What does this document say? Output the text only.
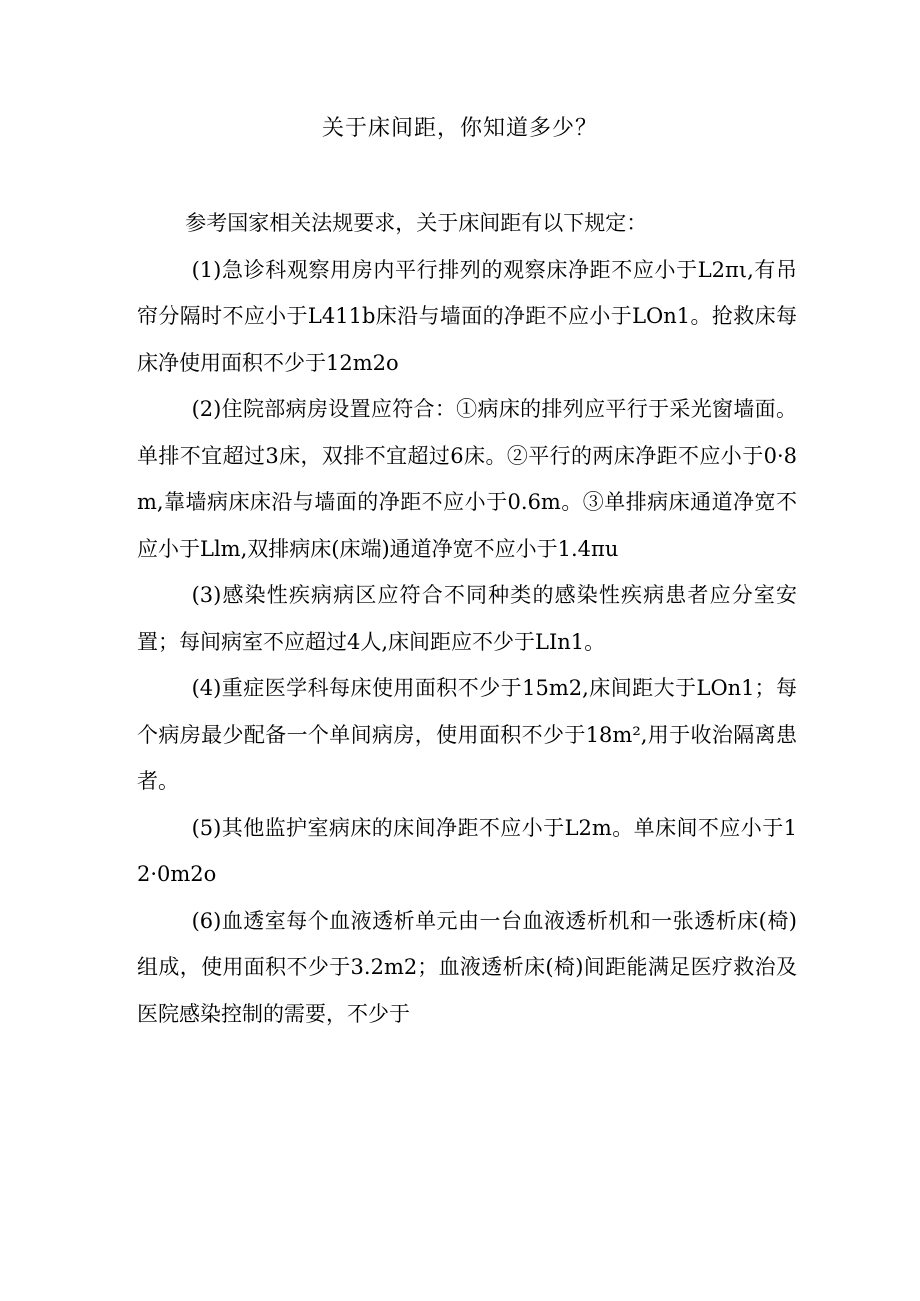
关于床间距，你知道多少？

参考国家相关法规要求，关于床间距有以下规定：

(1)急诊科观察用房内平行排列的观察床净距不应小于L2πι,有吊帘分隔时不应小于L411b床沿与墙面的净距不应小于LOn1。抢救床每床净使用面积不少于12m2o

(2)住院部病房设置应符合：①病床的排列应平行于采光窗墙面。单排不宜超过3床，双排不宜超过6床。②平行的两床净距不应小于0·8m,靠墙病床床沿与墙面的净距不应小于0.6m。③单排病床通道净宽不应小于Llm,双排病床(床端)通道净宽不应小于1.4πu

(3)感染性疾病病区应符合不同种类的感染性疾病患者应分室安置；每间病室不应超过4人,床间距应不少于LIn1。

(4)重症医学科每床使用面积不少于15m2,床间距大于LOn1；每个病房最少配备一个单间病房，使用面积不少于18m²,用于收治隔离患者。

(5)其他监护室病床的床间净距不应小于L2m。单床间不应小于12·0m2o

(6)血透室每个血液透析单元由一台血液透析机和一张透析床(椅)组成，使用面积不少于3.2m2；血液透析床(椅)间距能满足医疗救治及医院感染控制的需要，不少于
